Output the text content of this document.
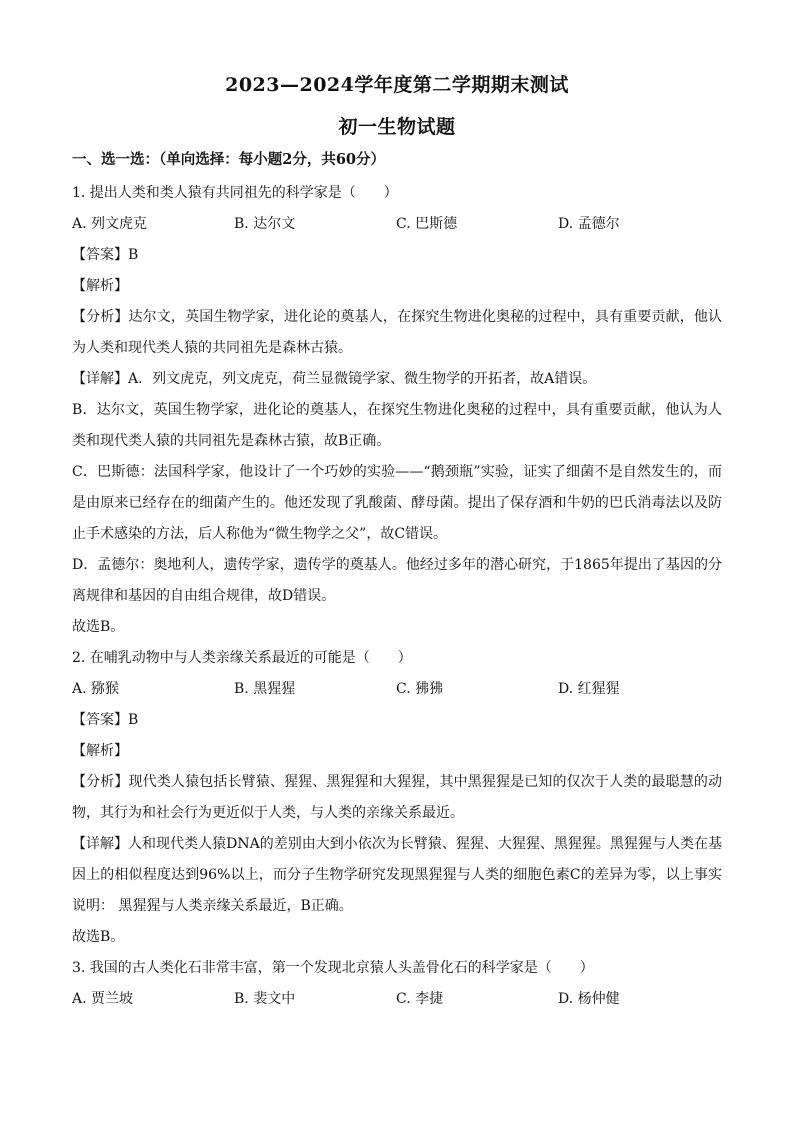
2023—2024学年度第二学期期末测试
初一生物试题
一、选一选：（单向选择：每小题2分，共60分）
1. 提出人类和类人猿有共同祖先的科学家是（　　）
A. 列文虎克	B. 达尔文	C. 巴斯德	D. 孟德尔
【答案】B
【解析】
【分析】达尔文，英国生物学家，进化论的奠基人，在探究生物进化奥秘的过程中，具有重要贡献，他认为人类和现代类人猿的共同祖先是森林古猿。
【详解】A．列文虎克，列文虎克，荷兰显微镜学家、微生物学的开拓者，故A错误。
B．达尔文，英国生物学家，进化论的奠基人，在探究生物进化奥秘的过程中，具有重要贡献，他认为人类和现代类人猿的共同祖先是森林古猿，故B正确。
C．巴斯德：法国科学家，他设计了一个巧妙的实验——“鹅颈瓶”实验，证实了细菌不是自然发生的，而是由原来已经存在的细菌产生的。他还发现了乳酸菌、酵母菌。提出了保存酒和牛奶的巴氏消毒法以及防止手术感染的方法，后人称他为“微生物学之父”，故C错误。
D．孟德尔：奥地利人，遗传学家，遗传学的奠基人。他经过多年的潜心研究，于1865年提出了基因的分离规律和基因的自由组合规律，故D错误。
故选B。
2. 在哺乳动物中与人类亲缘关系最近的可能是（　　）
A. 猕猴	B. 黑猩猩	C. 狒狒	D. 红猩猩
【答案】B
【解析】
【分析】现代类人猿包括长臂猿、猩猩、黑猩猩和大猩猩，其中黑猩猩是已知的仅次于人类的最聪慧的动物，其行为和社会行为更近似于人类，与人类的亲缘关系最近。
【详解】人和现代类人猿DNA的差别由大到小依次为长臂猿、猩猩、大猩猩、黑猩猩。黑猩猩与人类在基因上的相似程度达到96%以上，而分子生物学研究发现黑猩猩与人类的细胞色素C的差异为零，以上事实说明： 黑猩猩与人类亲缘关系最近，B正确。
故选B。
3. 我国的古人类化石非常丰富，第一个发现北京猿人头盖骨化石的科学家是（　　）
A. 贾兰坡	B. 裴文中	C. 李捷	D. 杨仲健
